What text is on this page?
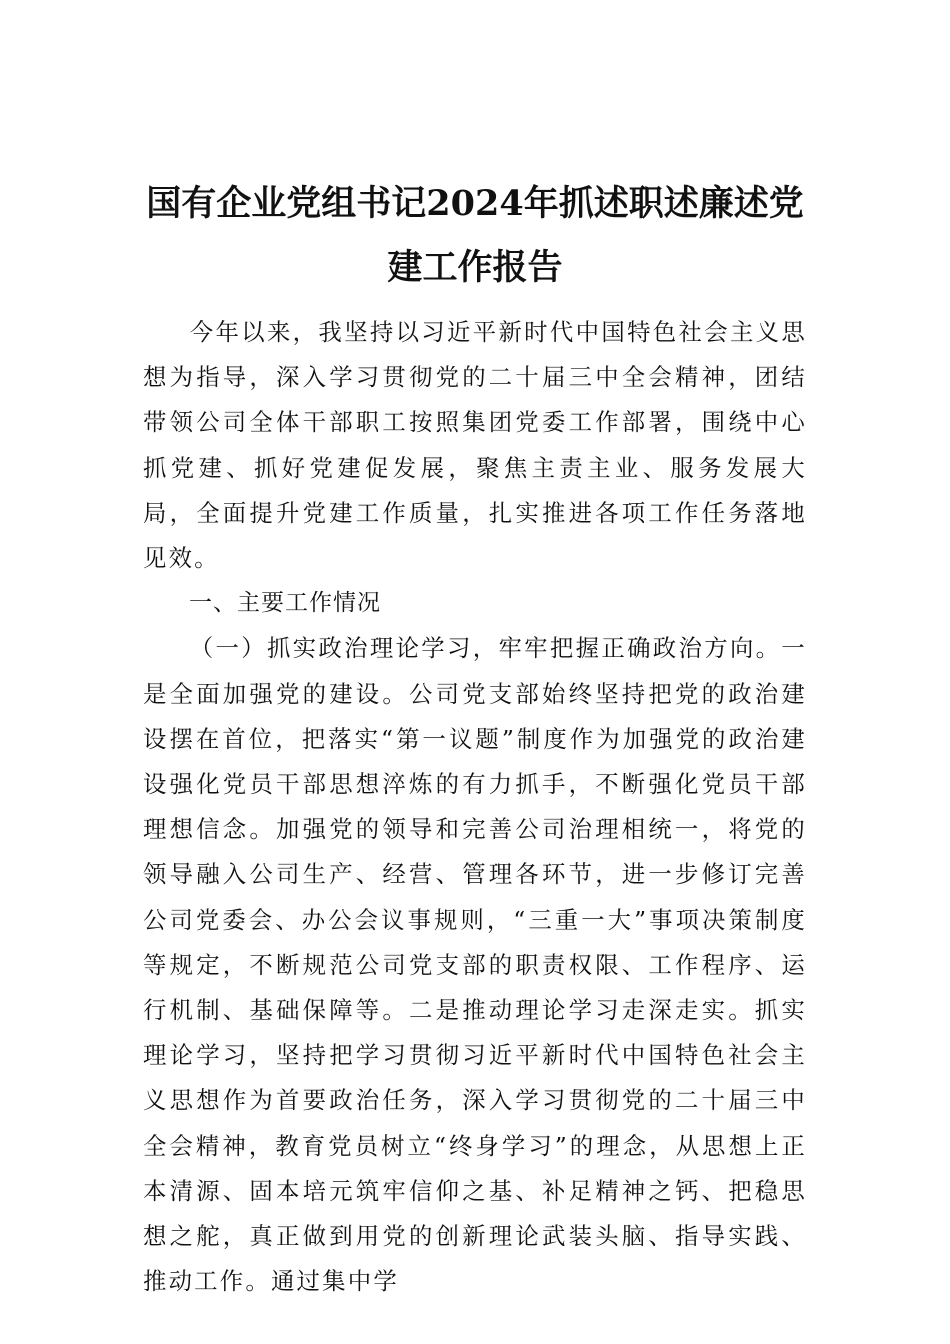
国有企业党组书记2024年抓述职述廉述党
建工作报告

今年以来，我坚持以习近平新时代中国特色社会主义思想为指导，深入学习贯彻党的二十届三中全会精神，团结带领公司全体干部职工按照集团党委工作部署，围绕中心抓党建、抓好党建促发展，聚焦主责主业、服务发展大局，全面提升党建工作质量，扎实推进各项工作任务落地见效。

一、主要工作情况

（一）抓实政治理论学习，牢牢把握正确政治方向。一是全面加强党的建设。公司党支部始终坚持把党的政治建设摆在首位，把落实“第一议题”制度作为加强党的政治建设强化党员干部思想淬炼的有力抓手，不断强化党员干部理想信念。加强党的领导和完善公司治理相统一，将党的领导融入公司生产、经营、管理各环节，进一步修订完善公司党委会、办公会议事规则，“三重一大”事项决策制度等规定，不断规范公司党支部的职责权限、工作程序、运行机制、基础保障等。二是推动理论学习走深走实。抓实理论学习，坚持把学习贯彻习近平新时代中国特色社会主义思想作为首要政治任务，深入学习贯彻党的二十届三中全会精神，教育党员树立“终身学习”的理念，从思想上正本清源、固本培元筑牢信仰之基、补足精神之钙、把稳思想之舵，真正做到用党的创新理论武装头脑、指导实践、推动工作。通过集中学
